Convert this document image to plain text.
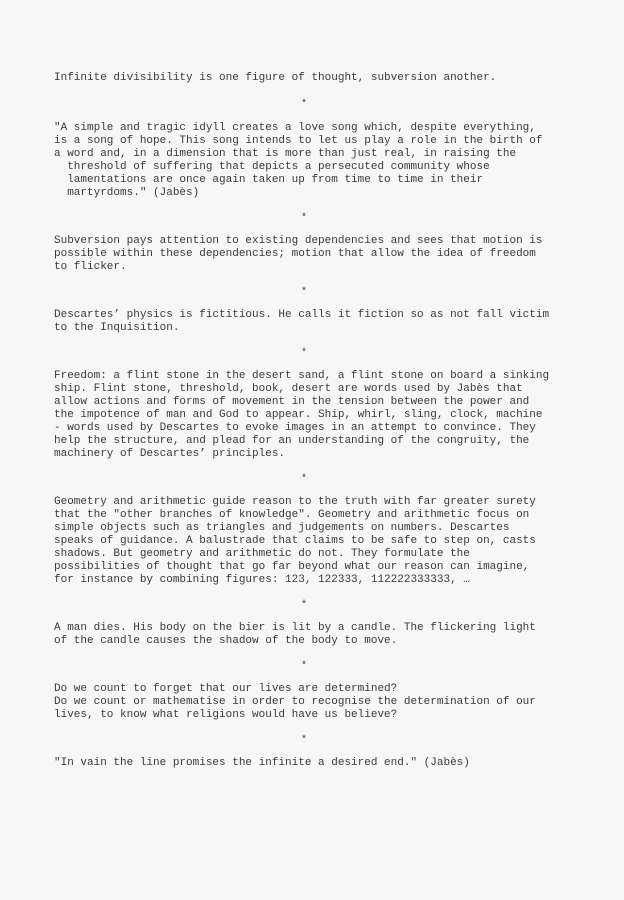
Infinite divisibility is one figure of thought, subversion another.

*

"A simple and tragic idyll creates a love song which, despite everything,
is a song of hope. This song intends to let us play a role in the birth of
a word and, in a dimension that is more than just real, in raising the
threshold of suffering that depicts a persecuted community whose
lamentations are once again taken up from time to time in their
martyrdoms." (Jabès)

*

Subversion pays attention to existing dependencies and sees that motion is
possible within these dependencies; motion that allow the idea of freedom
to flicker.

*

Descartes’ physics is fictitious. He calls it fiction so as not fall victim
to the Inquisition.

*

Freedom: a flint stone in the desert sand, a flint stone on board a sinking
ship. Flint stone, threshold, book, desert are words used by Jabès that
allow actions and forms of movement in the tension between the power and
the impotence of man and God to appear. Ship, whirl, sling, clock, machine
- words used by Descartes to evoke images in an attempt to convince. They
help the structure, and plead for an understanding of the congruity, the
machinery of Descartes’ principles.

*

Geometry and arithmetic guide reason to the truth with far greater surety
that the "other branches of knowledge". Geometry and arithmetic focus on
simple objects such as triangles and judgements on numbers. Descartes
speaks of guidance. A balustrade that claims to be safe to step on, casts
shadows. But geometry and arithmetic do not. They formulate the
possibilities of thought that go far beyond what our reason can imagine,
for instance by combining figures: 123, 122333, 112222333333, …

*

A man dies. His body on the bier is lit by a candle. The flickering light
of the candle causes the shadow of the body to move.

*

Do we count to forget that our lives are determined?
Do we count or mathematise in order to recognise the determination of our
lives, to know what religions would have us believe?

*

"In vain the line promises the infinite a desired end." (Jabès)
